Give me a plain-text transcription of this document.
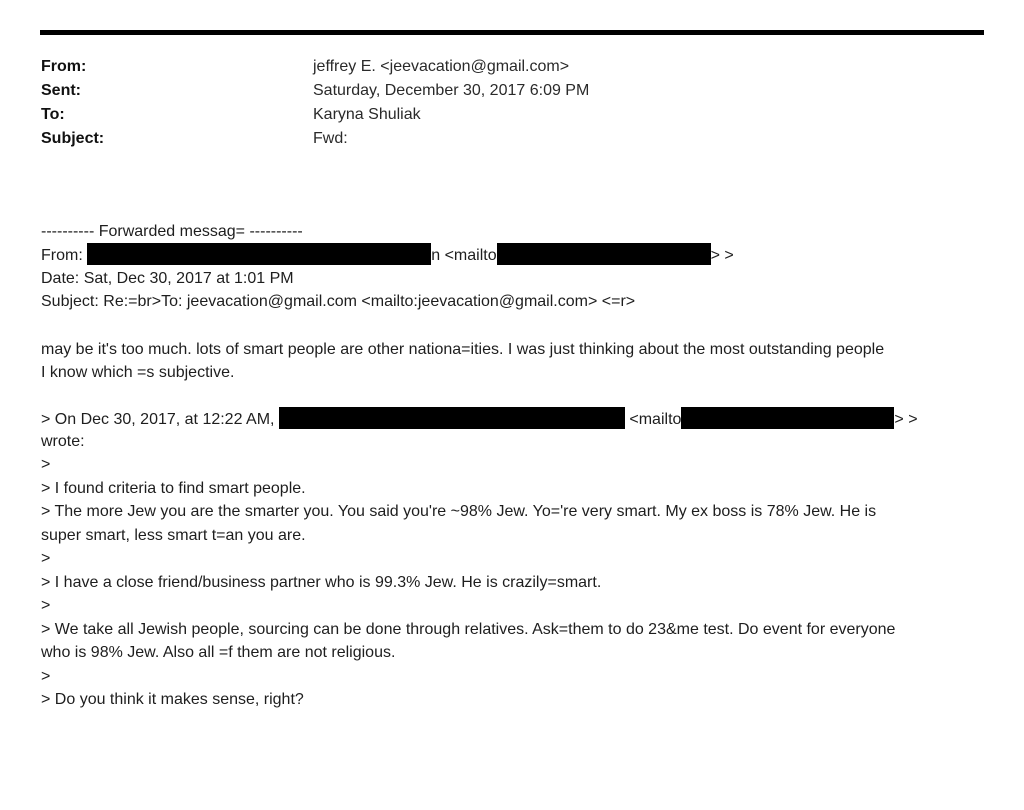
From:	jeffrey E. <jeevacation@gmail.com>
Sent:	Saturday, December 30, 2017 6:09 PM
To:	Karyna Shuliak
Subject:	Fwd:
---------- Forwarded messag= ----------
From:	n <mailto	> >
Date: Sat, Dec 30, 2017 at 1:01 PM
Subject: Re:=br>To: jeevacation@gmail.com <mailto:jeevacation@gmail.com> <=r>
may be it's too much. lots of smart people are other nationa=ities. I was just thinking about the most outstanding people
I know which =s subjective.
> On Dec 30, 2017, at 12:22 AM,	<mailto	> >
wrote:
>
> I found criteria to find smart people.
> The more Jew you are the smarter you. You said you're ~98% Jew. Yo='re very smart. My ex boss is 78% Jew. He is
super smart, less smart t=an you are.
>
> I have a close friend/business partner who is 99.3% Jew. He is crazily=smart.
>
> We take all Jewish people, sourcing can be done through relatives. Ask=them to do 23&me test. Do event for everyone
who is 98% Jew. Also all =f them are not religious.
>
> Do you think it makes sense, right?
